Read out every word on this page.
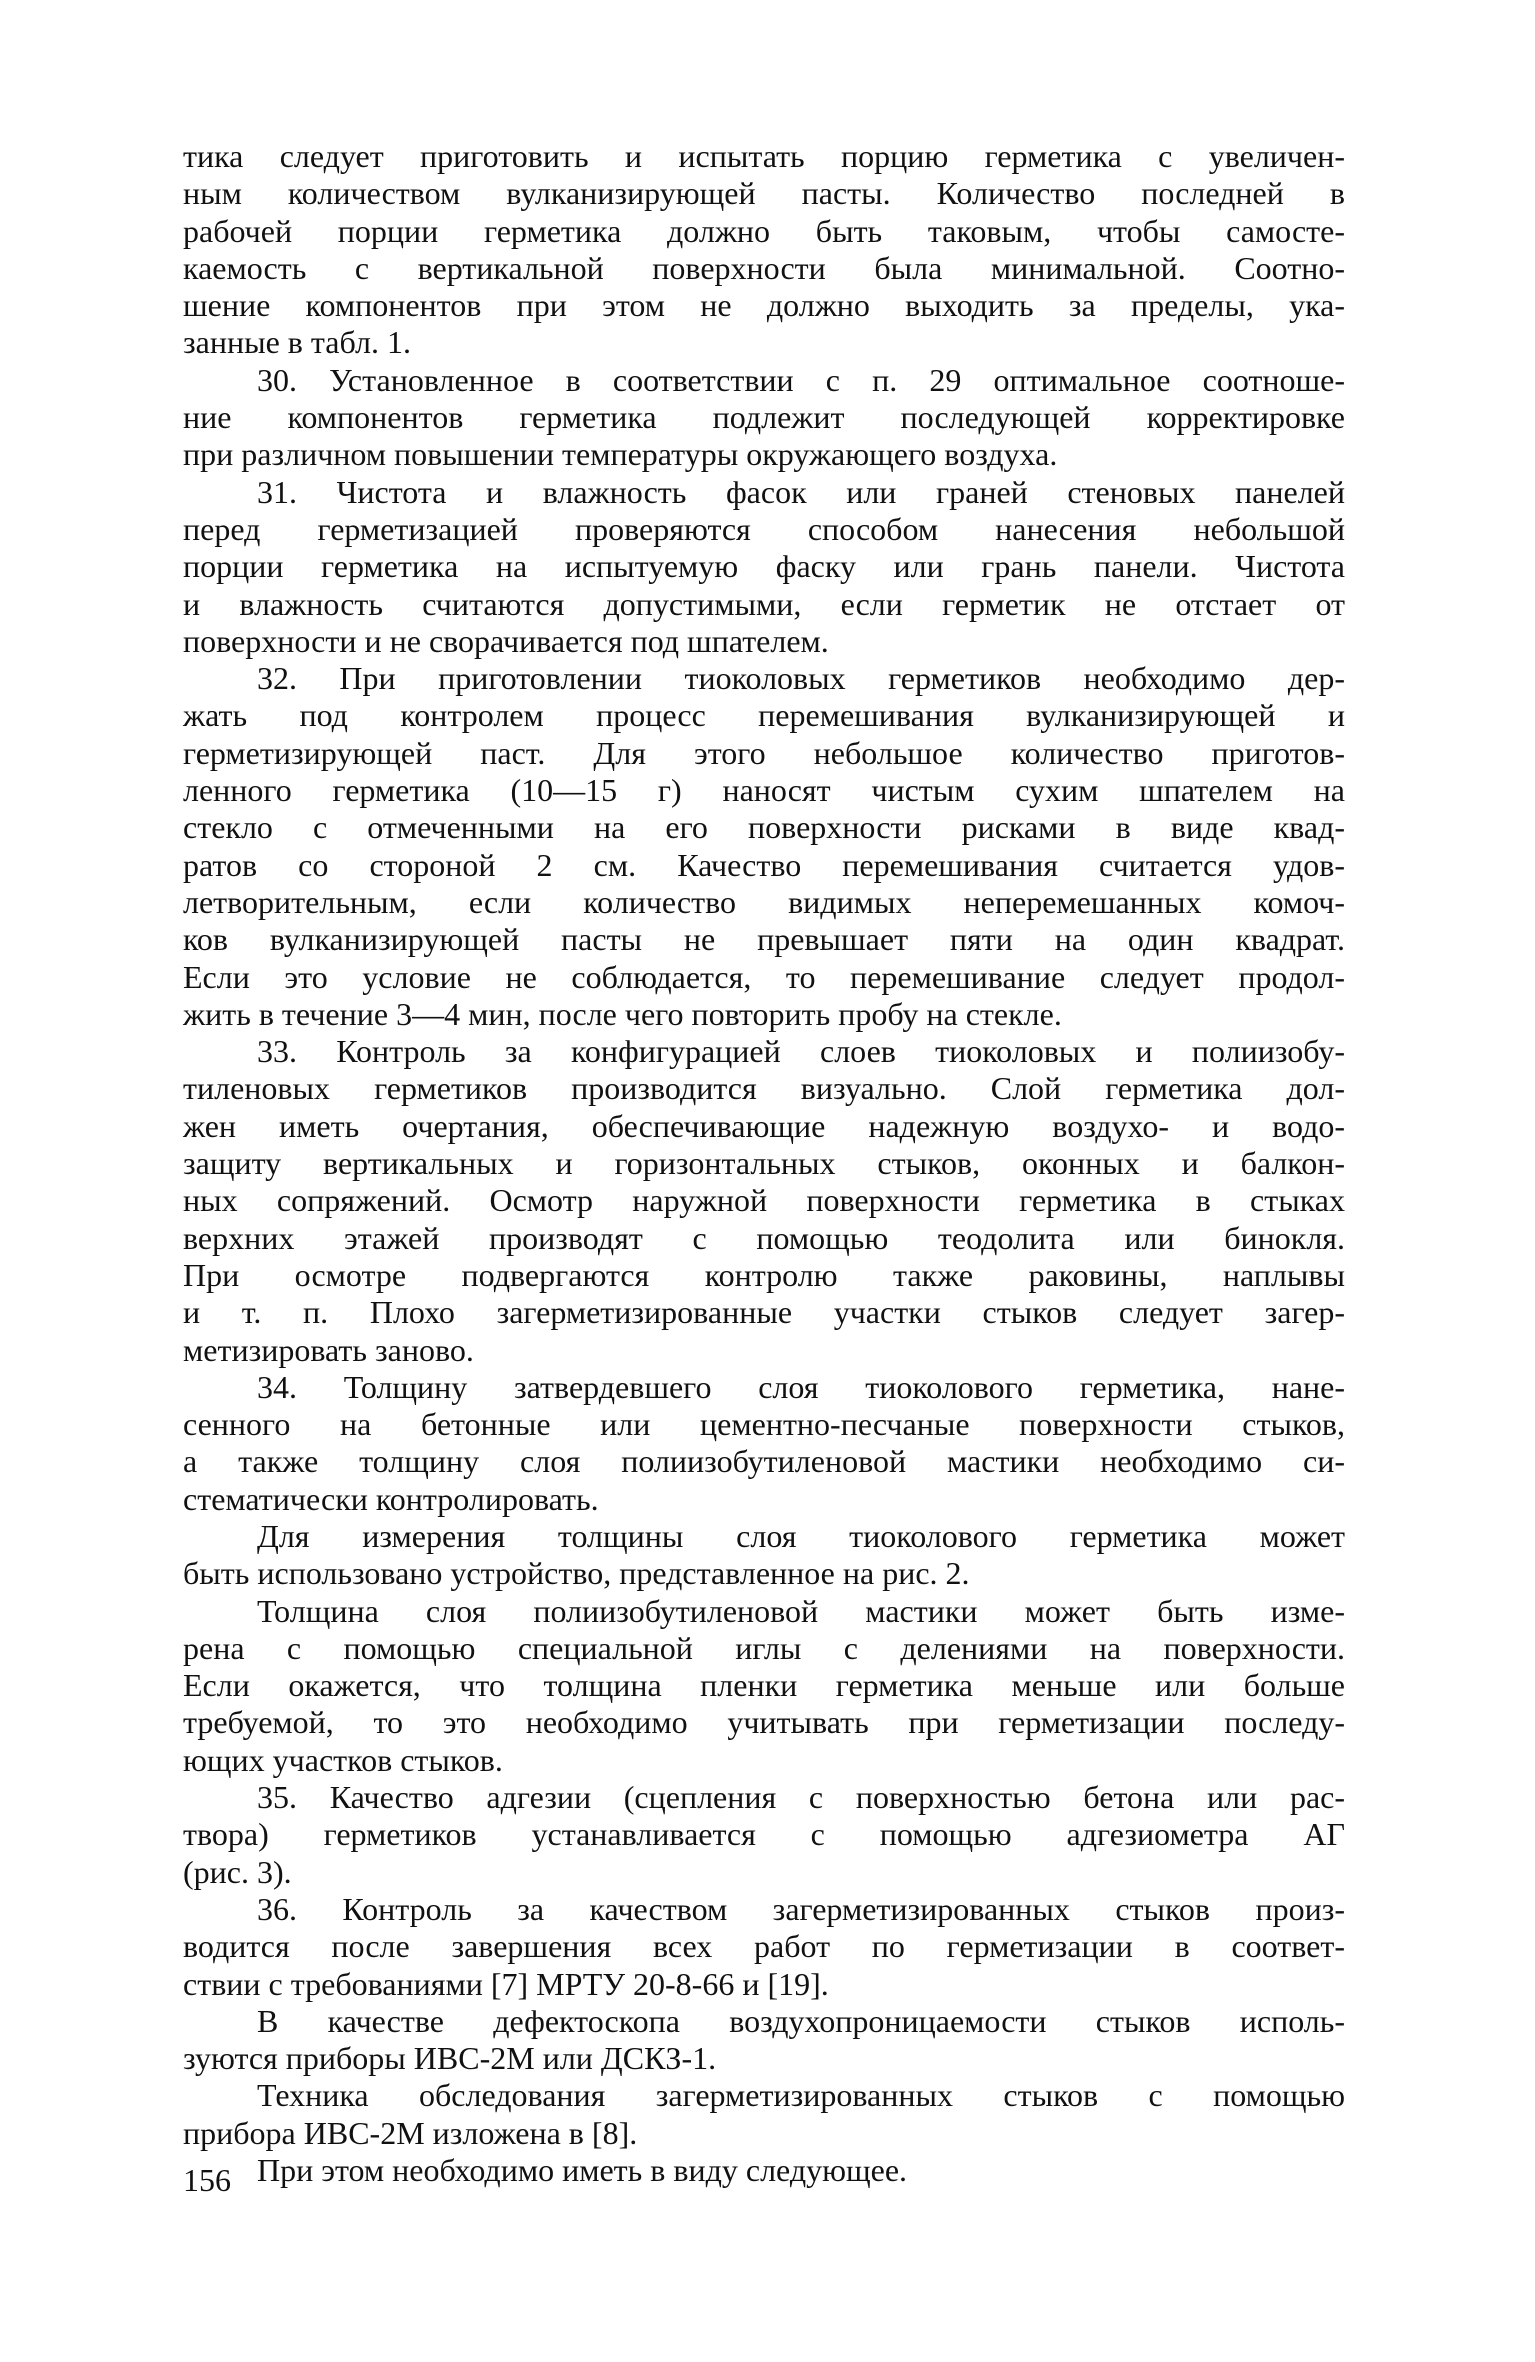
тика следует приготовить и испытать порцию герметика с увеличен-
ным количеством вулканизирующей пасты. Количество последней в
рабочей порции герметика должно быть таковым, чтобы самосте-
каемость с вертикальной поверхности была минимальной. Соотно-
шение компонентов при этом не должно выходить за пределы, ука-
занные в табл. 1.
30. Установленное в соответствии с п. 29 оптимальное соотноше-
ние компонентов герметика подлежит последующей корректировке
при различном повышении температуры окружающего воздуха.
31. Чистота и влажность фасок или граней стеновых панелей
перед герметизацией проверяются способом нанесения небольшой
порции герметика на испытуемую фаску или грань панели. Чистота
и влажность считаются допустимыми, если герметик не отстает от
поверхности и не сворачивается под шпателем.
32. При приготовлении тиоколовых герметиков необходимо дер-
жать под контролем процесс перемешивания вулканизирующей и
герметизирующей паст. Для этого небольшое количество приготов-
ленного герметика (10—15 г) наносят чистым сухим шпателем на
стекло с отмеченными на его поверхности рисками в виде квад-
ратов со стороной 2 см. Качество перемешивания считается удов-
летворительным, если количество видимых неперемешанных комоч-
ков вулканизирующей пасты не превышает пяти на один квадрат.
Если это условие не соблюдается, то перемешивание следует продол-
жить в течение 3—4 мин, после чего повторить пробу на стекле.
33. Контроль за конфигурацией слоев тиоколовых и полиизобу-
тиленовых герметиков производится визуально. Слой герметика дол-
жен иметь очертания, обеспечивающие надежную воздухо- и водо-
защиту вертикальных и горизонтальных стыков, оконных и балкон-
ных сопряжений. Осмотр наружной поверхности герметика в стыках
верхних этажей производят с помощью теодолита или бинокля.
При осмотре подвергаются контролю также раковины, наплывы
и т. п. Плохо загерметизированные участки стыков следует загер-
метизировать заново.
34. Толщину затвердевшего слоя тиоколового герметика, нане-
сенного на бетонные или цементно-песчаные поверхности стыков,
а также толщину слоя полиизобутиленовой мастики необходимо си-
стематически контролировать.
Для измерения толщины слоя тиоколового герметика может
быть использовано устройство, представленное на рис. 2.
Толщина слоя полиизобутиленовой мастики может быть изме-
рена с помощью специальной иглы с делениями на поверхности.
Если окажется, что толщина пленки герметика меньше или больше
требуемой, то это необходимо учитывать при герметизации последу-
ющих участков стыков.
35. Качество адгезии (сцепления с поверхностью бетона или рас-
твора) герметиков устанавливается с помощью адгезиометра АГ
(рис. 3).
36. Контроль за качеством загерметизированных стыков произ-
водится после завершения всех работ по герметизации в соответ-
ствии с требованиями [7] МРТУ 20-8-66 и [19].
В качестве дефектоскопа воздухопроницаемости стыков исполь-
зуются приборы ИВС-2М или ДСКЗ-1.
Техника обследования загерметизированных стыков с помощью
прибора ИВС-2М изложена в [8].
При этом необходимо иметь в виду следующее.
156
